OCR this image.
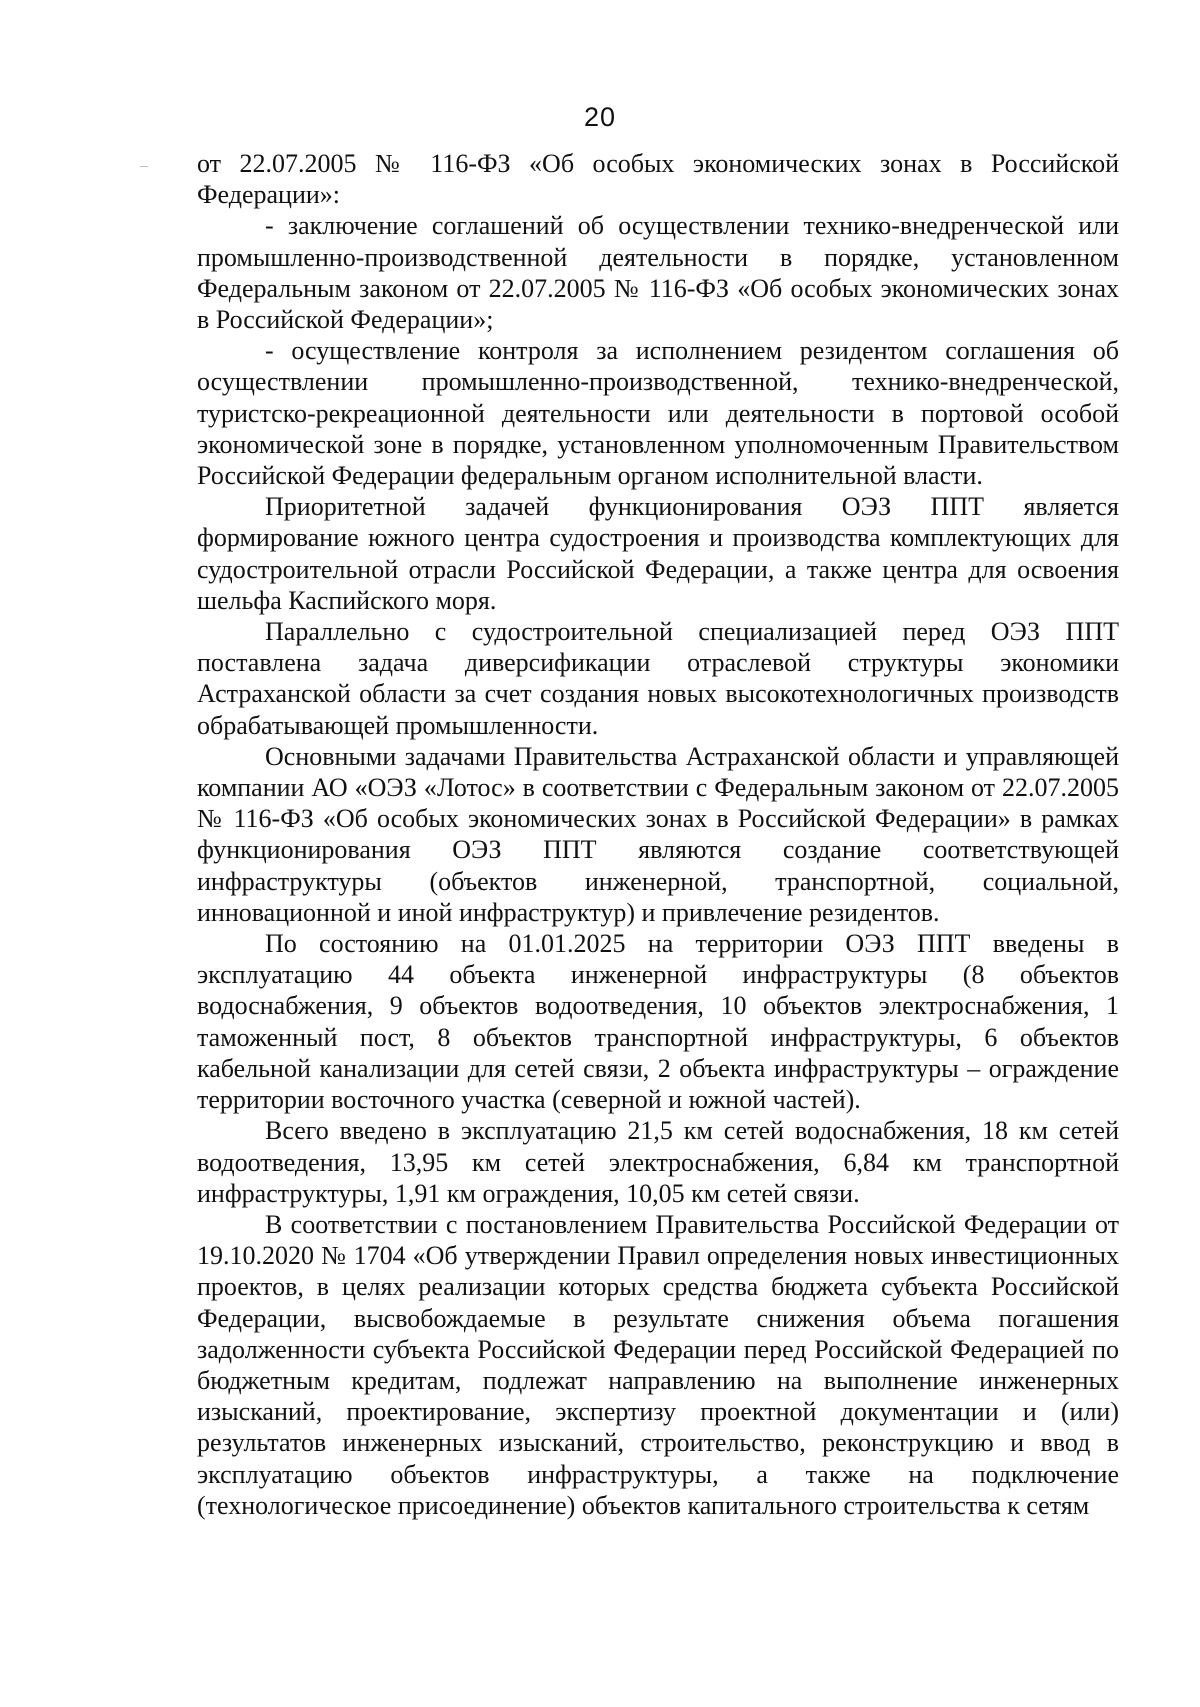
20

от 22.07.2005 № 116-ФЗ «Об особых экономических зонах в Российской Федерации»:

- заключение соглашений об осуществлении технико-внедренческой или промышленно-производственной деятельности в порядке, установленном Федеральным законом от 22.07.2005 № 116-ФЗ «Об особых экономических зонах в Российской Федерации»;

- осуществление контроля за исполнением резидентом соглашения об осуществлении промышленно-производственной, технико-внедренческой, туристско-рекреационной деятельности или деятельности в портовой особой экономической зоне в порядке, установленном уполномоченным Правительством Российской Федерации федеральным органом исполнительной власти.

Приоритетной задачей функционирования ОЭЗ ППТ является формирование южного центра судостроения и производства комплектующих для судостроительной отрасли Российской Федерации, а также центра для освоения шельфа Каспийского моря.

Параллельно с судостроительной специализацией перед ОЭЗ ППТ поставлена задача диверсификации отраслевой структуры экономики Астраханской области за счет создания новых высокотехнологичных производств обрабатывающей промышленности.

Основными задачами Правительства Астраханской области и управляющей компании АО «ОЭЗ «Лотос» в соответствии с Федеральным законом от 22.07.2005 № 116-ФЗ «Об особых экономических зонах в Российской Федерации» в рамках функционирования ОЭЗ ППТ являются создание соответствующей инфраструктуры (объектов инженерной, транспортной, социальной, инновационной и иной инфраструктур) и привлечение резидентов.

По состоянию на 01.01.2025 на территории ОЭЗ ППТ введены в эксплуатацию 44 объекта инженерной инфраструктуры (8 объектов водоснабжения, 9 объектов водоотведения, 10 объектов электроснабжения, 1 таможенный пост, 8 объектов транспортной инфраструктуры, 6 объектов кабельной канализации для сетей связи, 2 объекта инфраструктуры – ограждение территории восточного участка (северной и южной частей).

Всего введено в эксплуатацию 21,5 км сетей водоснабжения, 18 км сетей водоотведения, 13,95 км сетей электроснабжения, 6,84 км транспортной инфраструктуры, 1,91 км ограждения, 10,05 км сетей связи.

В соответствии с постановлением Правительства Российской Федерации от 19.10.2020 № 1704 «Об утверждении Правил определения новых инвестиционных проектов, в целях реализации которых средства бюджета субъекта Российской Федерации, высвобождаемые в результате снижения объема погашения задолженности субъекта Российской Федерации перед Российской Федерацией по бюджетным кредитам, подлежат направлению на выполнение инженерных изысканий, проектирование, экспертизу проектной документации и (или) результатов инженерных изысканий, строительство, реконструкцию и ввод в эксплуатацию объектов инфраструктуры, а также на подключение (технологическое присоединение) объектов капитального строительства к сетям
